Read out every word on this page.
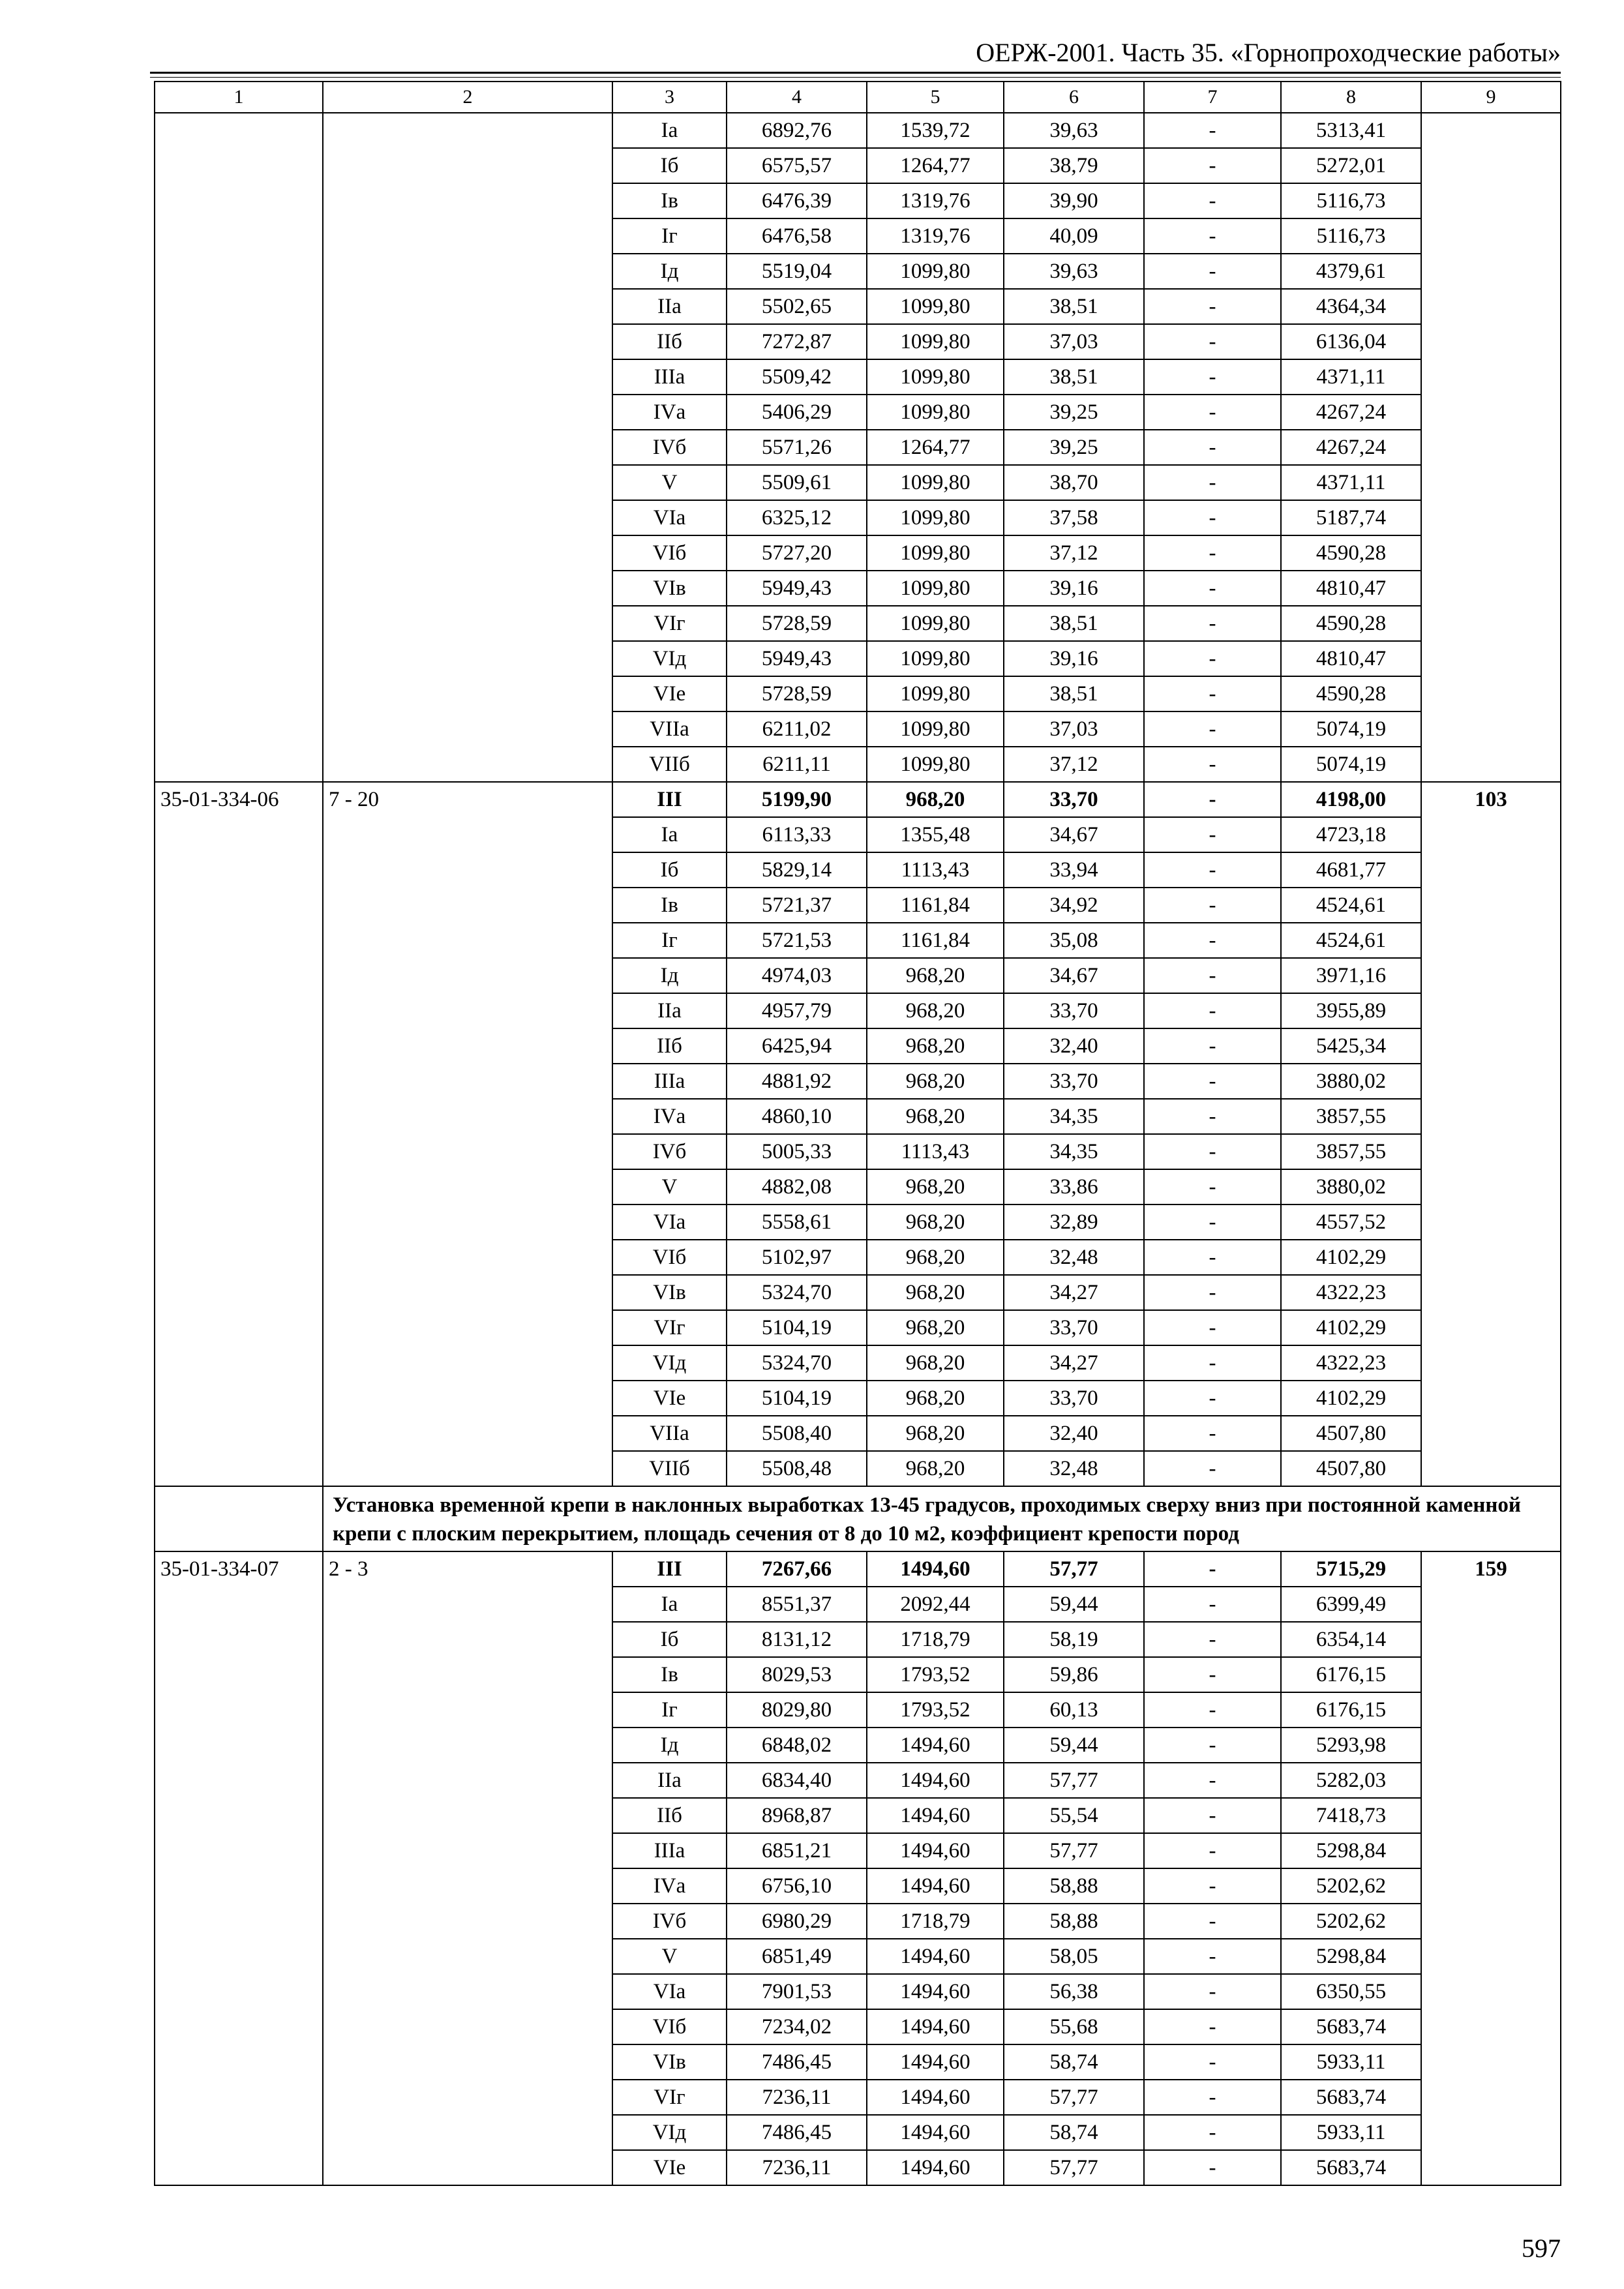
ОЕРЖ-2001. Часть 35. «Горнопроходческие работы»
1	2	3	4	5	6	7	8	9
		Iа	6892,76	1539,72	39,63	-	5313,41	
		Iб	6575,57	1264,77	38,79	-	5272,01	
		Iв	6476,39	1319,76	39,90	-	5116,73	
		Iг	6476,58	1319,76	40,09	-	5116,73	
		Iд	5519,04	1099,80	39,63	-	4379,61	
		IIа	5502,65	1099,80	38,51	-	4364,34	
		IIб	7272,87	1099,80	37,03	-	6136,04	
		IIIа	5509,42	1099,80	38,51	-	4371,11	
		IVа	5406,29	1099,80	39,25	-	4267,24	
		IVб	5571,26	1264,77	39,25	-	4267,24	
		V	5509,61	1099,80	38,70	-	4371,11	
		VIа	6325,12	1099,80	37,58	-	5187,74	
		VIб	5727,20	1099,80	37,12	-	4590,28	
		VIв	5949,43	1099,80	39,16	-	4810,47	
		VIг	5728,59	1099,80	38,51	-	4590,28	
		VIд	5949,43	1099,80	39,16	-	4810,47	
		VIе	5728,59	1099,80	38,51	-	4590,28	
		VIIа	6211,02	1099,80	37,03	-	5074,19	
		VIIб	6211,11	1099,80	37,12	-	5074,19	
35-01-334-06	7 - 20	III	5199,90	968,20	33,70	-	4198,00	103
		Iа	6113,33	1355,48	34,67	-	4723,18	
		Iб	5829,14	1113,43	33,94	-	4681,77	
		Iв	5721,37	1161,84	34,92	-	4524,61	
		Iг	5721,53	1161,84	35,08	-	4524,61	
		Iд	4974,03	968,20	34,67	-	3971,16	
		IIа	4957,79	968,20	33,70	-	3955,89	
		IIб	6425,94	968,20	32,40	-	5425,34	
		IIIа	4881,92	968,20	33,70	-	3880,02	
		IVа	4860,10	968,20	34,35	-	3857,55	
		IVб	5005,33	1113,43	34,35	-	3857,55	
		V	4882,08	968,20	33,86	-	3880,02	
		VIа	5558,61	968,20	32,89	-	4557,52	
		VIб	5102,97	968,20	32,48	-	4102,29	
		VIв	5324,70	968,20	34,27	-	4322,23	
		VIг	5104,19	968,20	33,70	-	4102,29	
		VIд	5324,70	968,20	34,27	-	4322,23	
		VIе	5104,19	968,20	33,70	-	4102,29	
		VIIа	5508,40	968,20	32,40	-	4507,80	
		VIIб	5508,48	968,20	32,48	-	4507,80	
	Установка временной крепи в наклонных выработках 13-45 градусов, проходимых сверху вниз при постоянной каменной крепи с плоским перекрытием, площадь сечения от 8 до 10 м2, коэффициент крепости пород							
35-01-334-07	2 - 3	III	7267,66	1494,60	57,77	-	5715,29	159
		Iа	8551,37	2092,44	59,44	-	6399,49	
		Iб	8131,12	1718,79	58,19	-	6354,14	
		Iв	8029,53	1793,52	59,86	-	6176,15	
		Iг	8029,80	1793,52	60,13	-	6176,15	
		Iд	6848,02	1494,60	59,44	-	5293,98	
		IIа	6834,40	1494,60	57,77	-	5282,03	
		IIб	8968,87	1494,60	55,54	-	7418,73	
		IIIа	6851,21	1494,60	57,77	-	5298,84	
		IVа	6756,10	1494,60	58,88	-	5202,62	
		IVб	6980,29	1718,79	58,88	-	5202,62	
		V	6851,49	1494,60	58,05	-	5298,84	
		VIа	7901,53	1494,60	56,38	-	6350,55	
		VIб	7234,02	1494,60	55,68	-	5683,74	
		VIв	7486,45	1494,60	58,74	-	5933,11	
		VIг	7236,11	1494,60	57,77	-	5683,74	
		VIд	7486,45	1494,60	58,74	-	5933,11	
		VIе	7236,11	1494,60	57,77	-	5683,74	
597
